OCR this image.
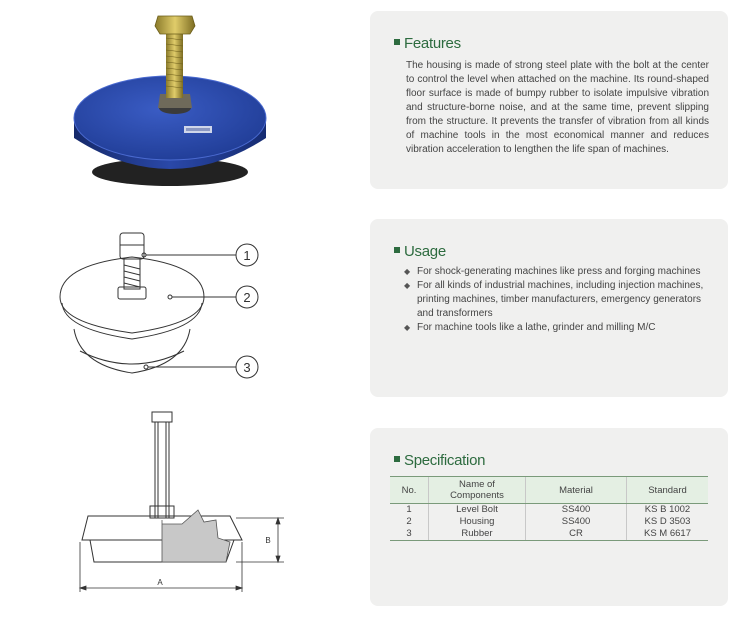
1
2
3
A
B
Features
The housing is made of strong steel plate with the bolt at the center to control the level when attached on the machine. Its round-shaped floor surface is made of bumpy rubber to isolate impulsive vibration and structure-borne noise, and at the same time, prevent slipping from the structure. It prevents the transfer of vibration from all kinds of machine tools in the most economical manner and reduces vibration acceleration to lengthen the life span of machines.
Usage
◆ For shock-generating machines like press and forging machines
◆ For all kinds of industrial machines, including injection machines, printing machines, timber manufacturers, emergency generators and transformers
◆ For machine tools like a lathe, grinder and milling M/C
Specification
No.	Name of Components	Material	Standard
1	Level Bolt	SS400	KS B 1002
2	Housing	SS400	KS D 3503
3	Rubber	CR	KS M 6617
